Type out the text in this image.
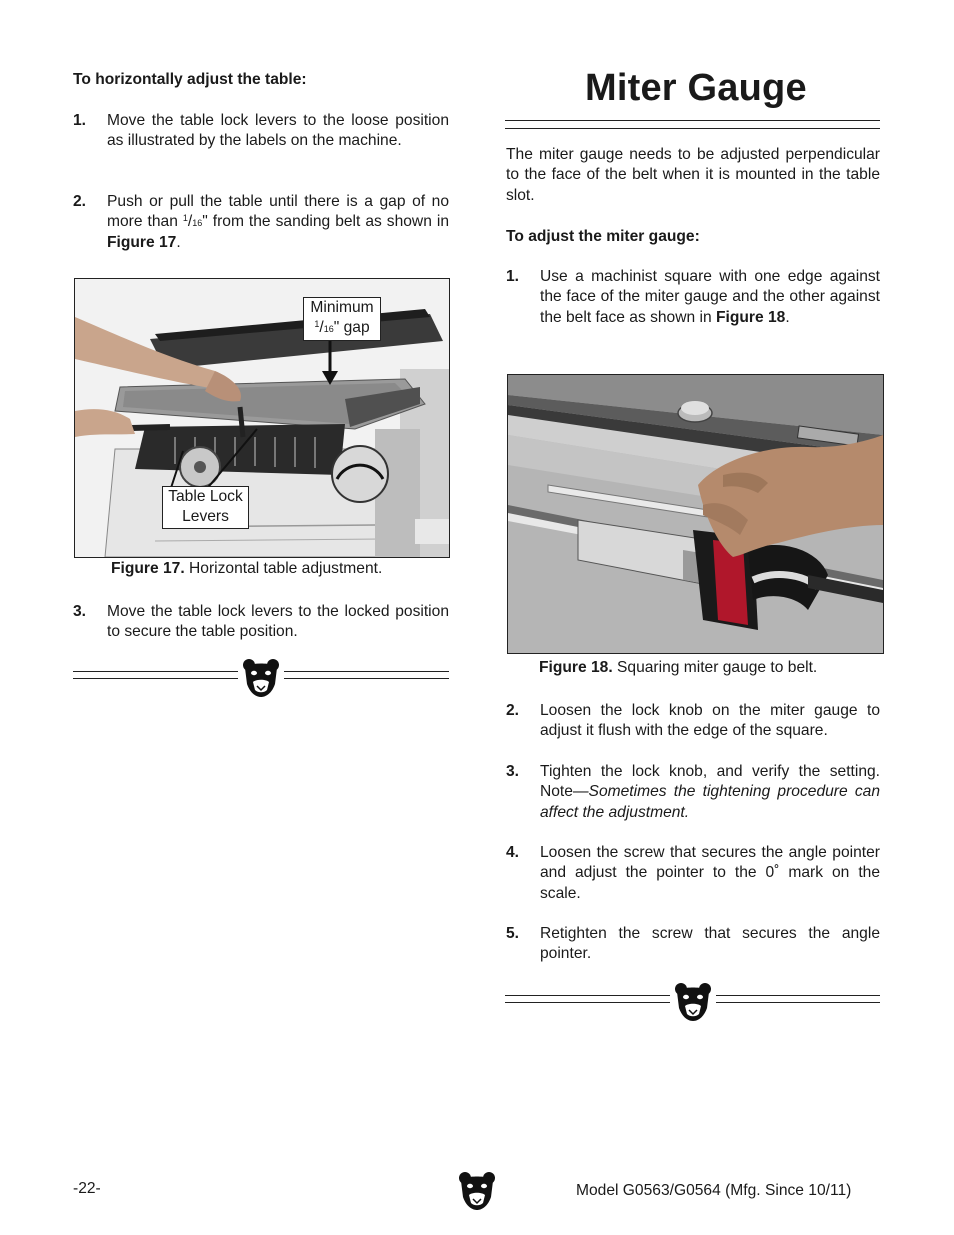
To horizontally adjust the table:
1. Move the table lock levers to the loose position as illustrated by the labels on the machine.
2. Push or pull the table until there is a gap of no more than $^1$/16" from the sanding belt as shown in Figure 17.
Minimum
$^1$/16" gap
Table Lock
Levers
Figure 17. Horizontal table adjustment.
3. Move the table lock levers to the locked position to secure the table position.
Miter Gauge
The miter gauge needs to be adjusted perpendicular to the face of the belt when it is mounted in the table slot.
To adjust the miter gauge:
1. Use a machinist square with one edge against the face of the miter gauge and the other against the belt face as shown in Figure 18.
Figure 18. Squaring miter gauge to belt.
2. Loosen the lock knob on the miter gauge to adjust it flush with the edge of the square.
3. Tighten the lock knob, and verify the setting. Note—Sometimes the tightening procedure can affect the adjustment.
4. Loosen the screw that secures the angle pointer and adjust the pointer to the 0˚ mark on the scale.
5. Retighten the screw that secures the angle pointer.
-22-	Model G0563/G0564 (Mfg. Since 10/11)
